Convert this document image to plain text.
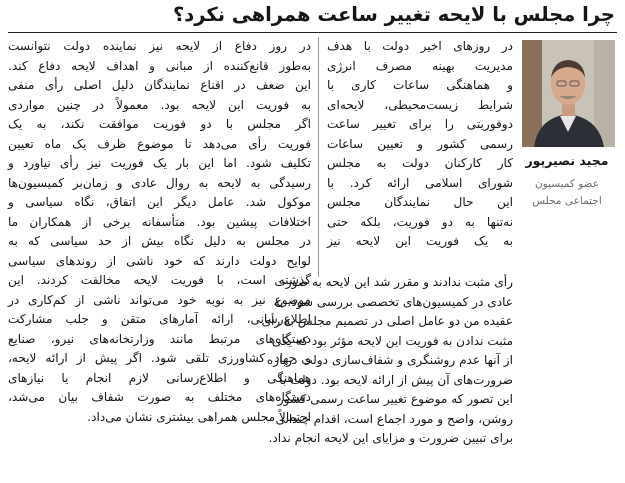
چرا مجلس با لایحه تغییر ساعت همراهی نکرد؟
مجید نصیرپور
عضو کمیسیون
اجتماعی مجلس
در روزهای اخیر دولت با هدف
مدیریت بهینه مصرف انرژی
و هماهنگی ساعات کاری با
شرایط زیست‌محیطی، لایحه‌ای
دوفوریتی را برای تغییر ساعت
رسمی کشور و تعیین ساعات
کار کارکنان دولت به مجلس
شورای اسلامی ارائه کرد. با
این حال نمایندگان مجلس
نه‌تنها به دو فوریت، بلکه حتی
به یک فوریت این لایحه نیز
رأی مثبت ندادند و مقرر شد این لایحه به صورت
عادی در کمیسیون‌های تخصصی بررسی شود. به
عقیده من دو عامل اصلی در تصمیم مجلس به رأی
مثبت ندادن به فوریت این لایحه مؤثر بود که یکی
از آنها عدم روشنگری و شفاف‌سازی دولت درباره
ضرورت‌های آن پیش از ارائه لایحه بود. دولت با
این تصور که موضوع تغییر ساعت رسمی کشور
روشن، واضح و مورد اجماع است، اقدام چندانی
برای تبیین ضرورت و مزایای این لایحه انجام نداد.
در روز دفاع از لایحه نیز نماینده دولت نتوانست
به‌طور قانع‌کننده از مبانی و اهداف لایحه دفاع کند.
این ضعف در اقناع نمایندگان دلیل اصلی رأی منفی
به فوریت این لایحه بود. معمولاً در چنین مواردی
اگر مجلس با دو فوریت موافقت نکند، به یک
فوریت رأی می‌دهد تا موضوع ظرف یک ماه تعیین
تکلیف شود. اما این بار یک فوریت نیز رأی نیاورد و
رسیدگی به لایحه به روال عادی و زمان‌بر کمیسیون‌ها
موکول شد. عامل دیگر این اتفاق، نگاه سیاسی و
اختلافات پیشین بود. متأسفانه برخی از همکاران ما
در مجلس به دلیل نگاه بیش از حد سیاسی که به
لوایح دولت دارند که خود ناشی از روندهای سیاسی
گذشته است، با فوریت لایحه مخالفت کردند. این
موضوع نیز به نوبه خود می‌تواند ناشی از کم‌کاری در
اطلاع‌رسانی، ارائه آمارهای متقن و جلب مشارکت
دستگاه‌های مرتبط مانند وزارتخانه‌های نیرو، صنایع
و جهاد کشاورزی تلقی شود. اگر پیش از ارائه لایحه،
هماهنگی و اطلاع‌رسانی لازم انجام یا نیازهای
دستگاه‌های مختلف به صورت شفاف بیان می‌شد،
احتمالاً مجلس همراهی بیشتری نشان می‌داد.
